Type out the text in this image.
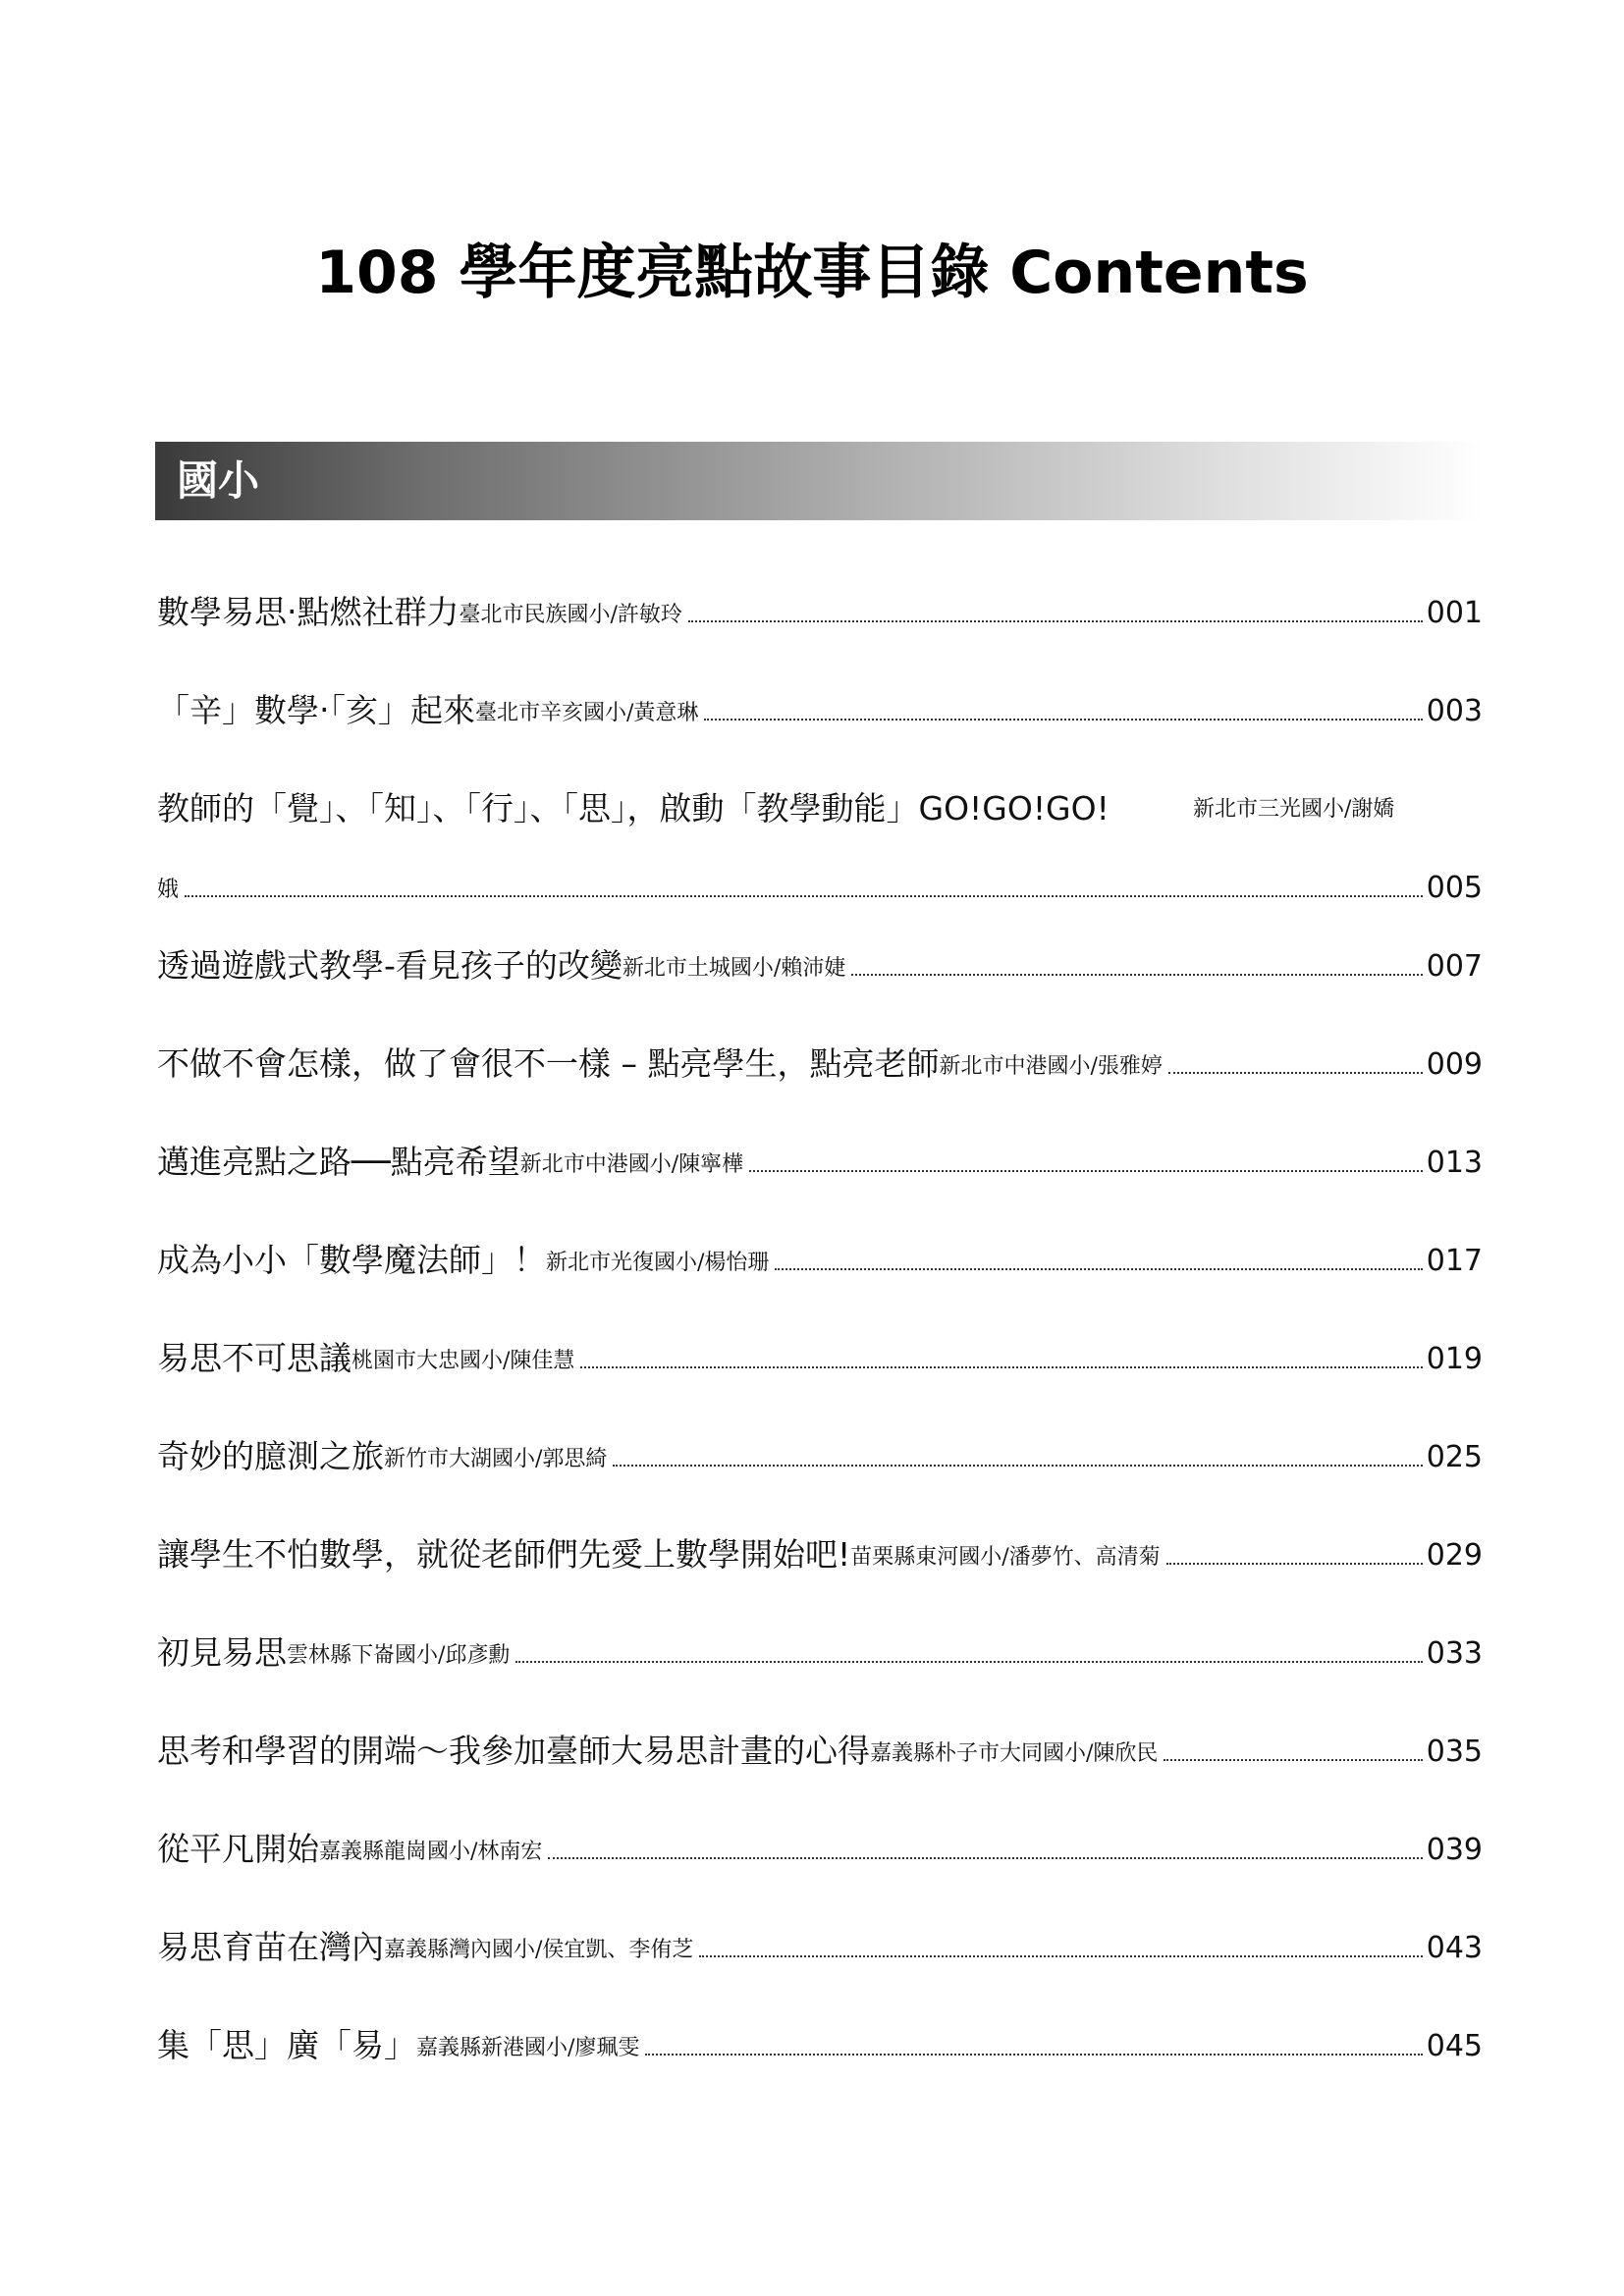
108 學年度亮點故事目錄 Contents
國小
數學易思‧點燃社群力 臺北市民族國小/許敏玲	001
「辛」數學‧「亥」起來 臺北市辛亥國小/黃意琳	003
教師的「覺」、「知」、「行」、「思」，啟動「教學動能」GO!GO!GO!	新北市三光國小/謝嬌
娥	005
透過遊戲式教學-看見孩子的改變 新北市土城國小/賴沛婕	007
不做不會怎樣，做了會很不一樣 – 點亮學生，點亮老師 新北市中港國小/張雅婷	009
邁進亮點之路──點亮希望 新北市中港國小/陳寧樺	013
成為小小「數學魔法師」！ 新北市光復國小/楊怡珊	017
易思不可思議 桃園市大忠國小/陳佳慧	019
奇妙的臆測之旅 新竹市大湖國小/郭思綺	025
讓學生不怕數學，就從老師們先愛上數學開始吧! 苗栗縣東河國小/潘夢竹、高清菊	029
初見易思 雲林縣下崙國小/邱彥勳	033
思考和學習的開端～我參加臺師大易思計畫的心得 嘉義縣朴子市大同國小/陳欣民	035
從平凡開始 嘉義縣龍崗國小/林南宏	039
易思育苗在灣內 嘉義縣灣內國小/侯宜凱、李侑芝	043
集「思」廣「易」 嘉義縣新港國小/廖珮雯	045
